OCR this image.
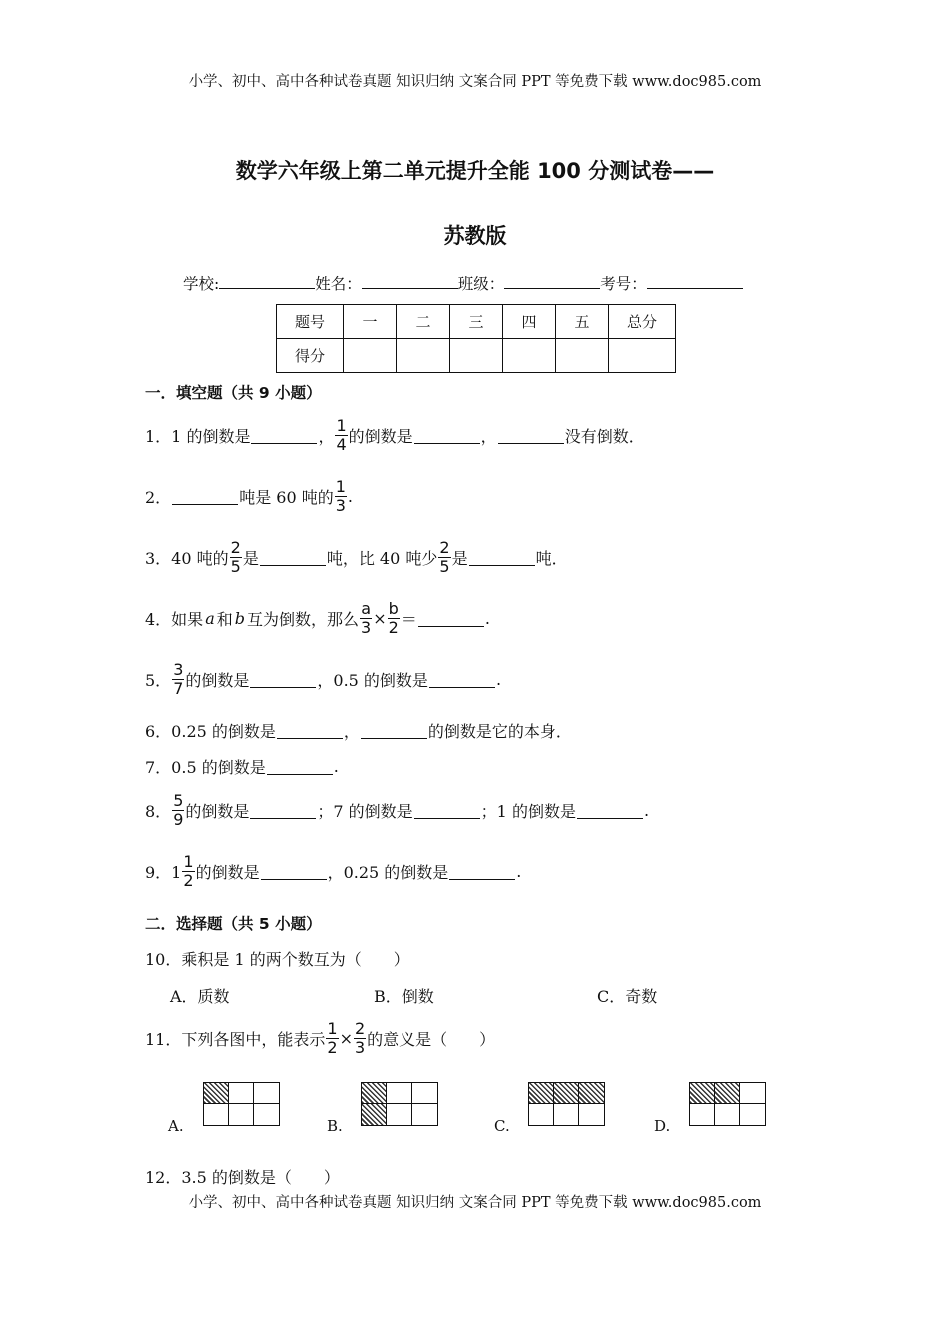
小学、初中、高中各种试卷真题 知识归纳 文案合同 PPT 等免费下载 www.doc985.com
数学六年级上第二单元提升全能 100 分测试卷——
苏教版
学校:	姓名：	班级：	考号：
题号	一	二	三	四	五	总分
得分						
一．填空题（共 9 小题）
1．1 的倒数是	， $\frac{1}{4}$ 的倒数是	，	没有倒数．
2．	吨是 60 吨的 $\frac{1}{3}$ .
3．40 吨的 $\frac{2}{5}$ 是	吨，比 40 吨少 $\frac{2}{5}$ 是	吨．
4．如果 a 和 b 互为倒数，那么 $\frac{a}{3} \times \frac{b}{2}$ ＝	.
5． $\frac{3}{7}$ 的倒数是	，0.5 的倒数是	.
6．0.25 的倒数是	，	的倒数是它的本身．
7．0.5 的倒数是	.
8． $\frac{5}{9}$ 的倒数是	；7 的倒数是	；1 的倒数是	.
9．$1 \frac{1}{2}$ 的倒数是	，0.25 的倒数是	.
二．选择题（共 5 小题）
10．乘积是 1 的两个数互为（　　）
A．质数	B．倒数	C．奇数
11．下列各图中，能表示 $\frac{1}{2} \times \frac{2}{3}$ 的意义是（　　）
A.	B.	C.	D.
12．3.5 的倒数是（　　）
小学、初中、高中各种试卷真题 知识归纳 文案合同 PPT 等免费下载 www.doc985.com
